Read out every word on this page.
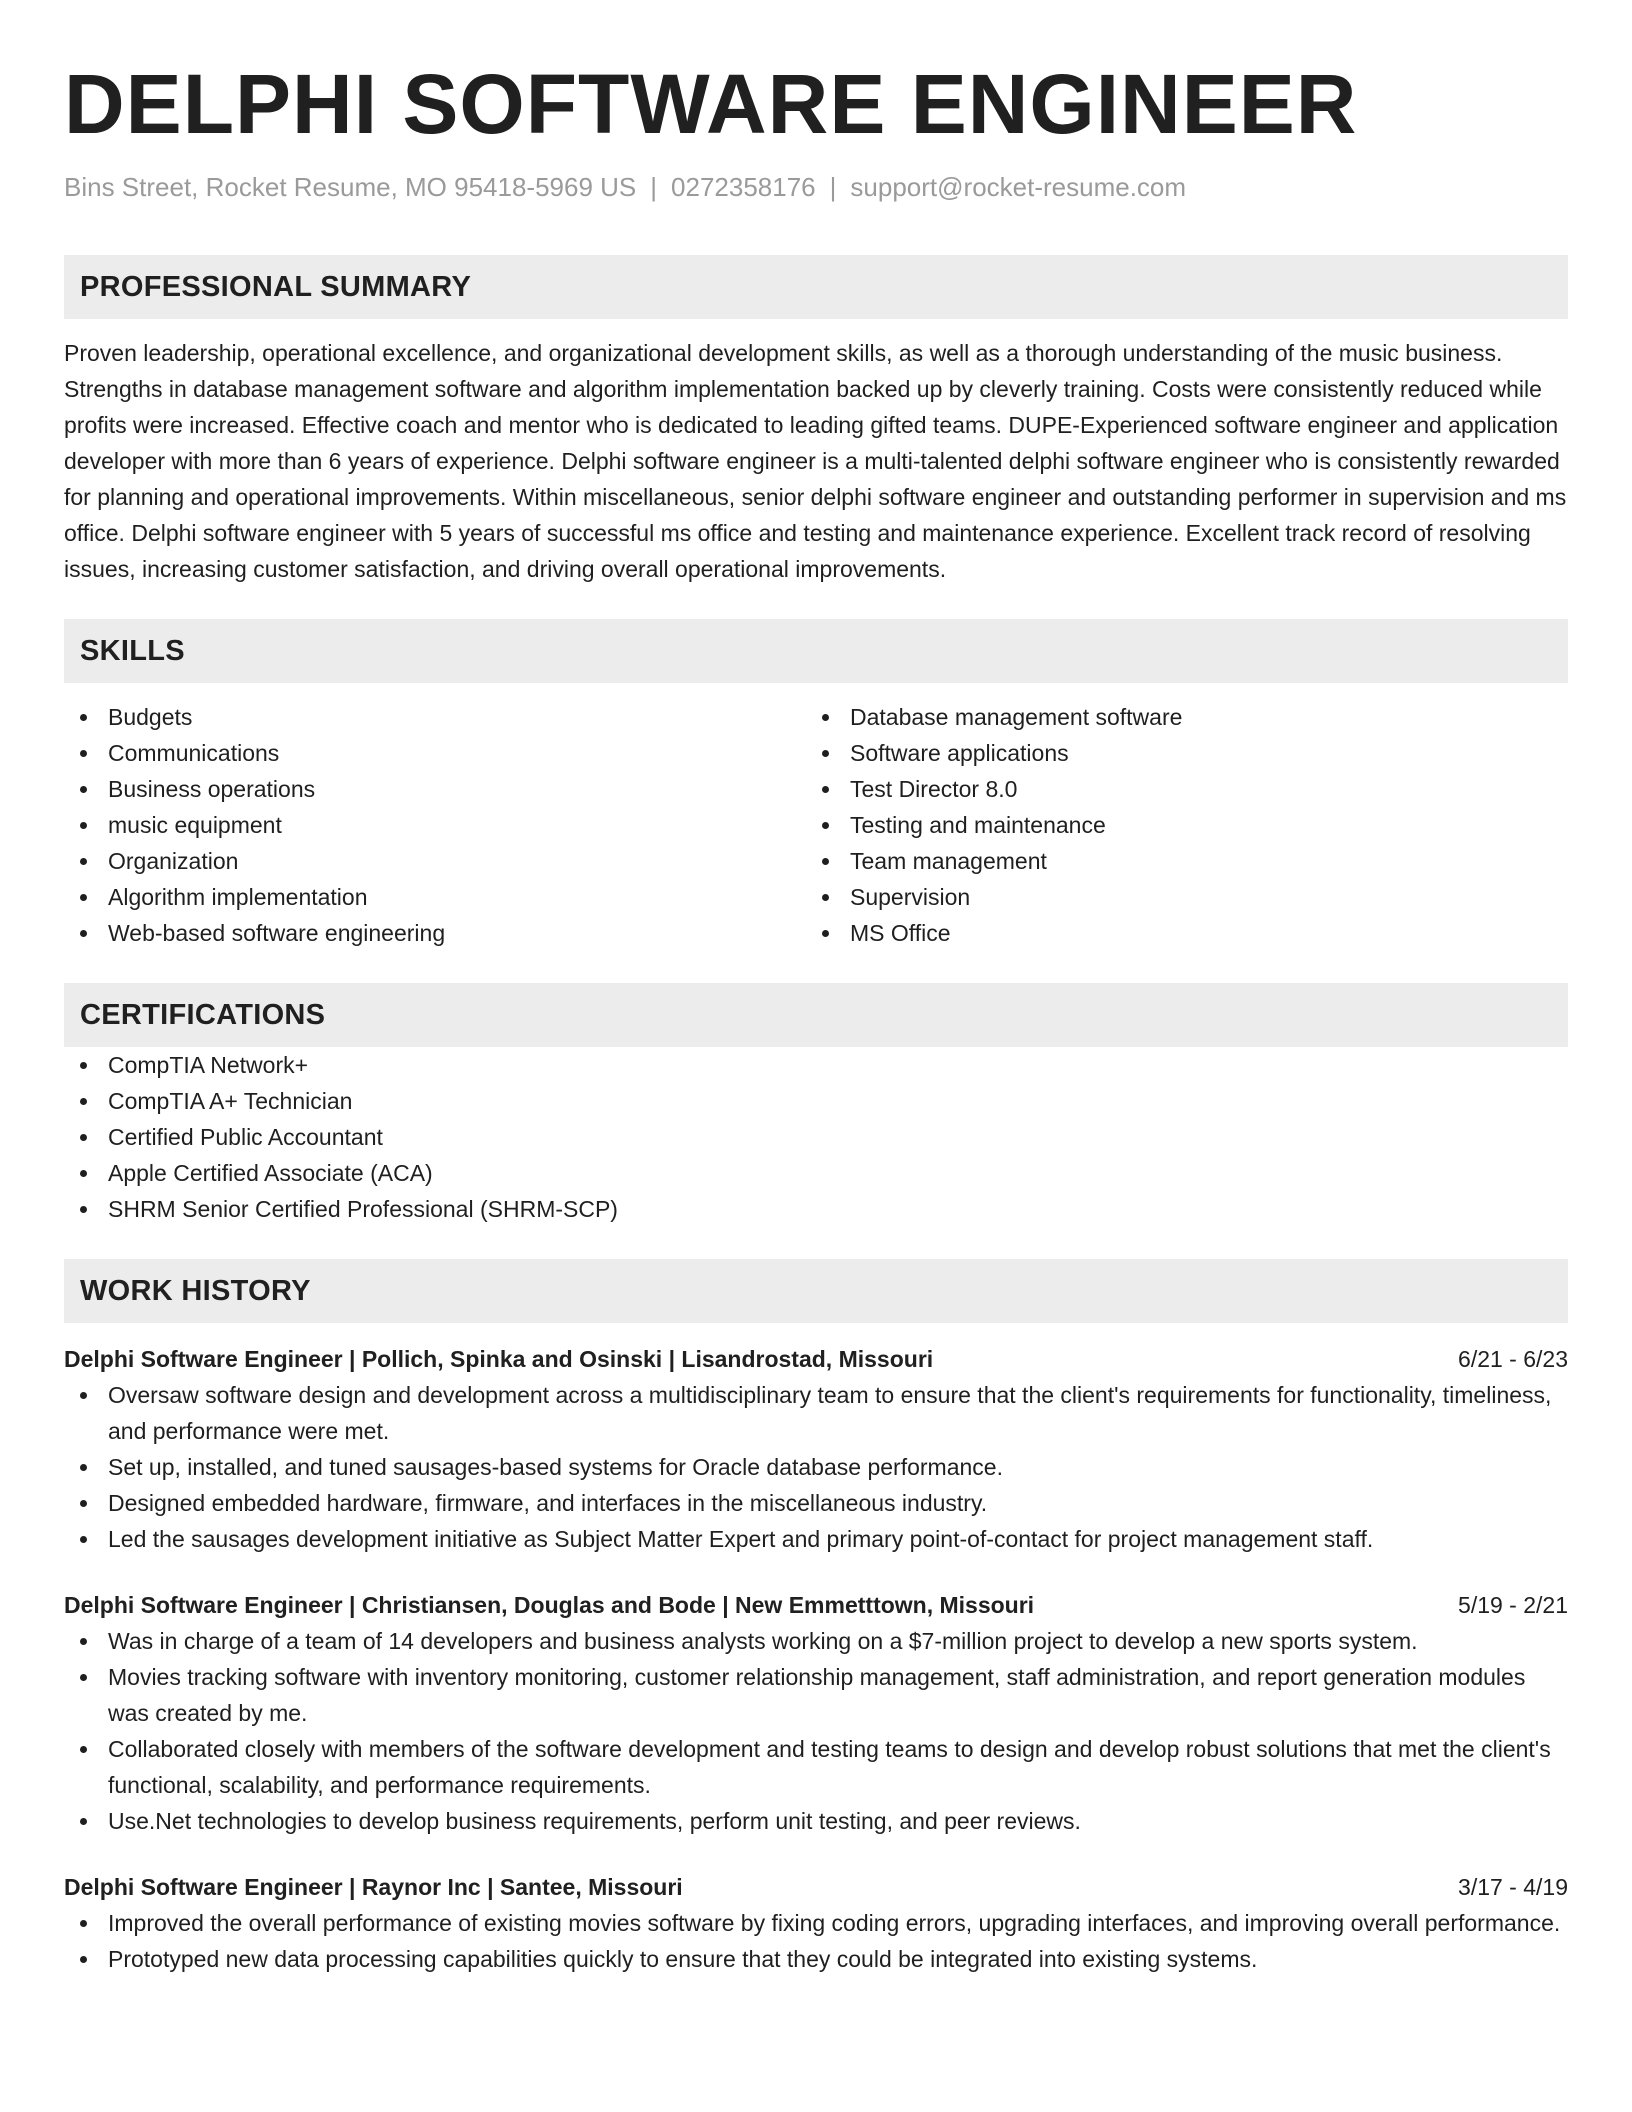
DELPHI SOFTWARE ENGINEER
Bins Street, Rocket Resume, MO 95418-5969 US | 0272358176 | support@rocket-resume.com
PROFESSIONAL SUMMARY

Proven leadership, operational excellence, and organizational development skills, as well as a thorough understanding of the music business. Strengths in database management software and algorithm implementation backed up by cleverly training. Costs were consistently reduced while profits were increased. Effective coach and mentor who is dedicated to leading gifted teams. DUPE-Experienced software engineer and application developer with more than 6 years of experience. Delphi software engineer is a multi-talented delphi software engineer who is consistently rewarded for planning and operational improvements. Within miscellaneous, senior delphi software engineer and outstanding performer in supervision and ms office. Delphi software engineer with 5 years of successful ms office and testing and maintenance experience. Excellent track record of resolving issues, increasing customer satisfaction, and driving overall operational improvements.

SKILLS
Budgets
Communications
Business operations
music equipment
Organization
Algorithm implementation
Web-based software engineering
Database management software
Software applications
Test Director 8.0
Testing and maintenance
Team management
Supervision
MS Office
CERTIFICATIONS
CompTIA Network+
CompTIA A+ Technician
Certified Public Accountant
Apple Certified Associate (ACA)
SHRM Senior Certified Professional (SHRM-SCP)
WORK HISTORY
Delphi Software Engineer | Pollich, Spinka and Osinski | Lisandrostad, Missouri	6/21 - 6/23
Oversaw software design and development across a multidisciplinary team to ensure that the client's requirements for functionality, timeliness, and performance were met.
Set up, installed, and tuned sausages-based systems for Oracle database performance.
Designed embedded hardware, firmware, and interfaces in the miscellaneous industry.
Led the sausages development initiative as Subject Matter Expert and primary point-of-contact for project management staff.
Delphi Software Engineer | Christiansen, Douglas and Bode | New Emmetttown, Missouri	5/19 - 2/21
Was in charge of a team of 14 developers and business analysts working on a $7-million project to develop a new sports system.
Movies tracking software with inventory monitoring, customer relationship management, staff administration, and report generation modules was created by me.
Collaborated closely with members of the software development and testing teams to design and develop robust solutions that met the client's functional, scalability, and performance requirements.
Use.Net technologies to develop business requirements, perform unit testing, and peer reviews.
Delphi Software Engineer | Raynor Inc | Santee, Missouri	3/17 - 4/19
Improved the overall performance of existing movies software by fixing coding errors, upgrading interfaces, and improving overall performance.
Prototyped new data processing capabilities quickly to ensure that they could be integrated into existing systems.
